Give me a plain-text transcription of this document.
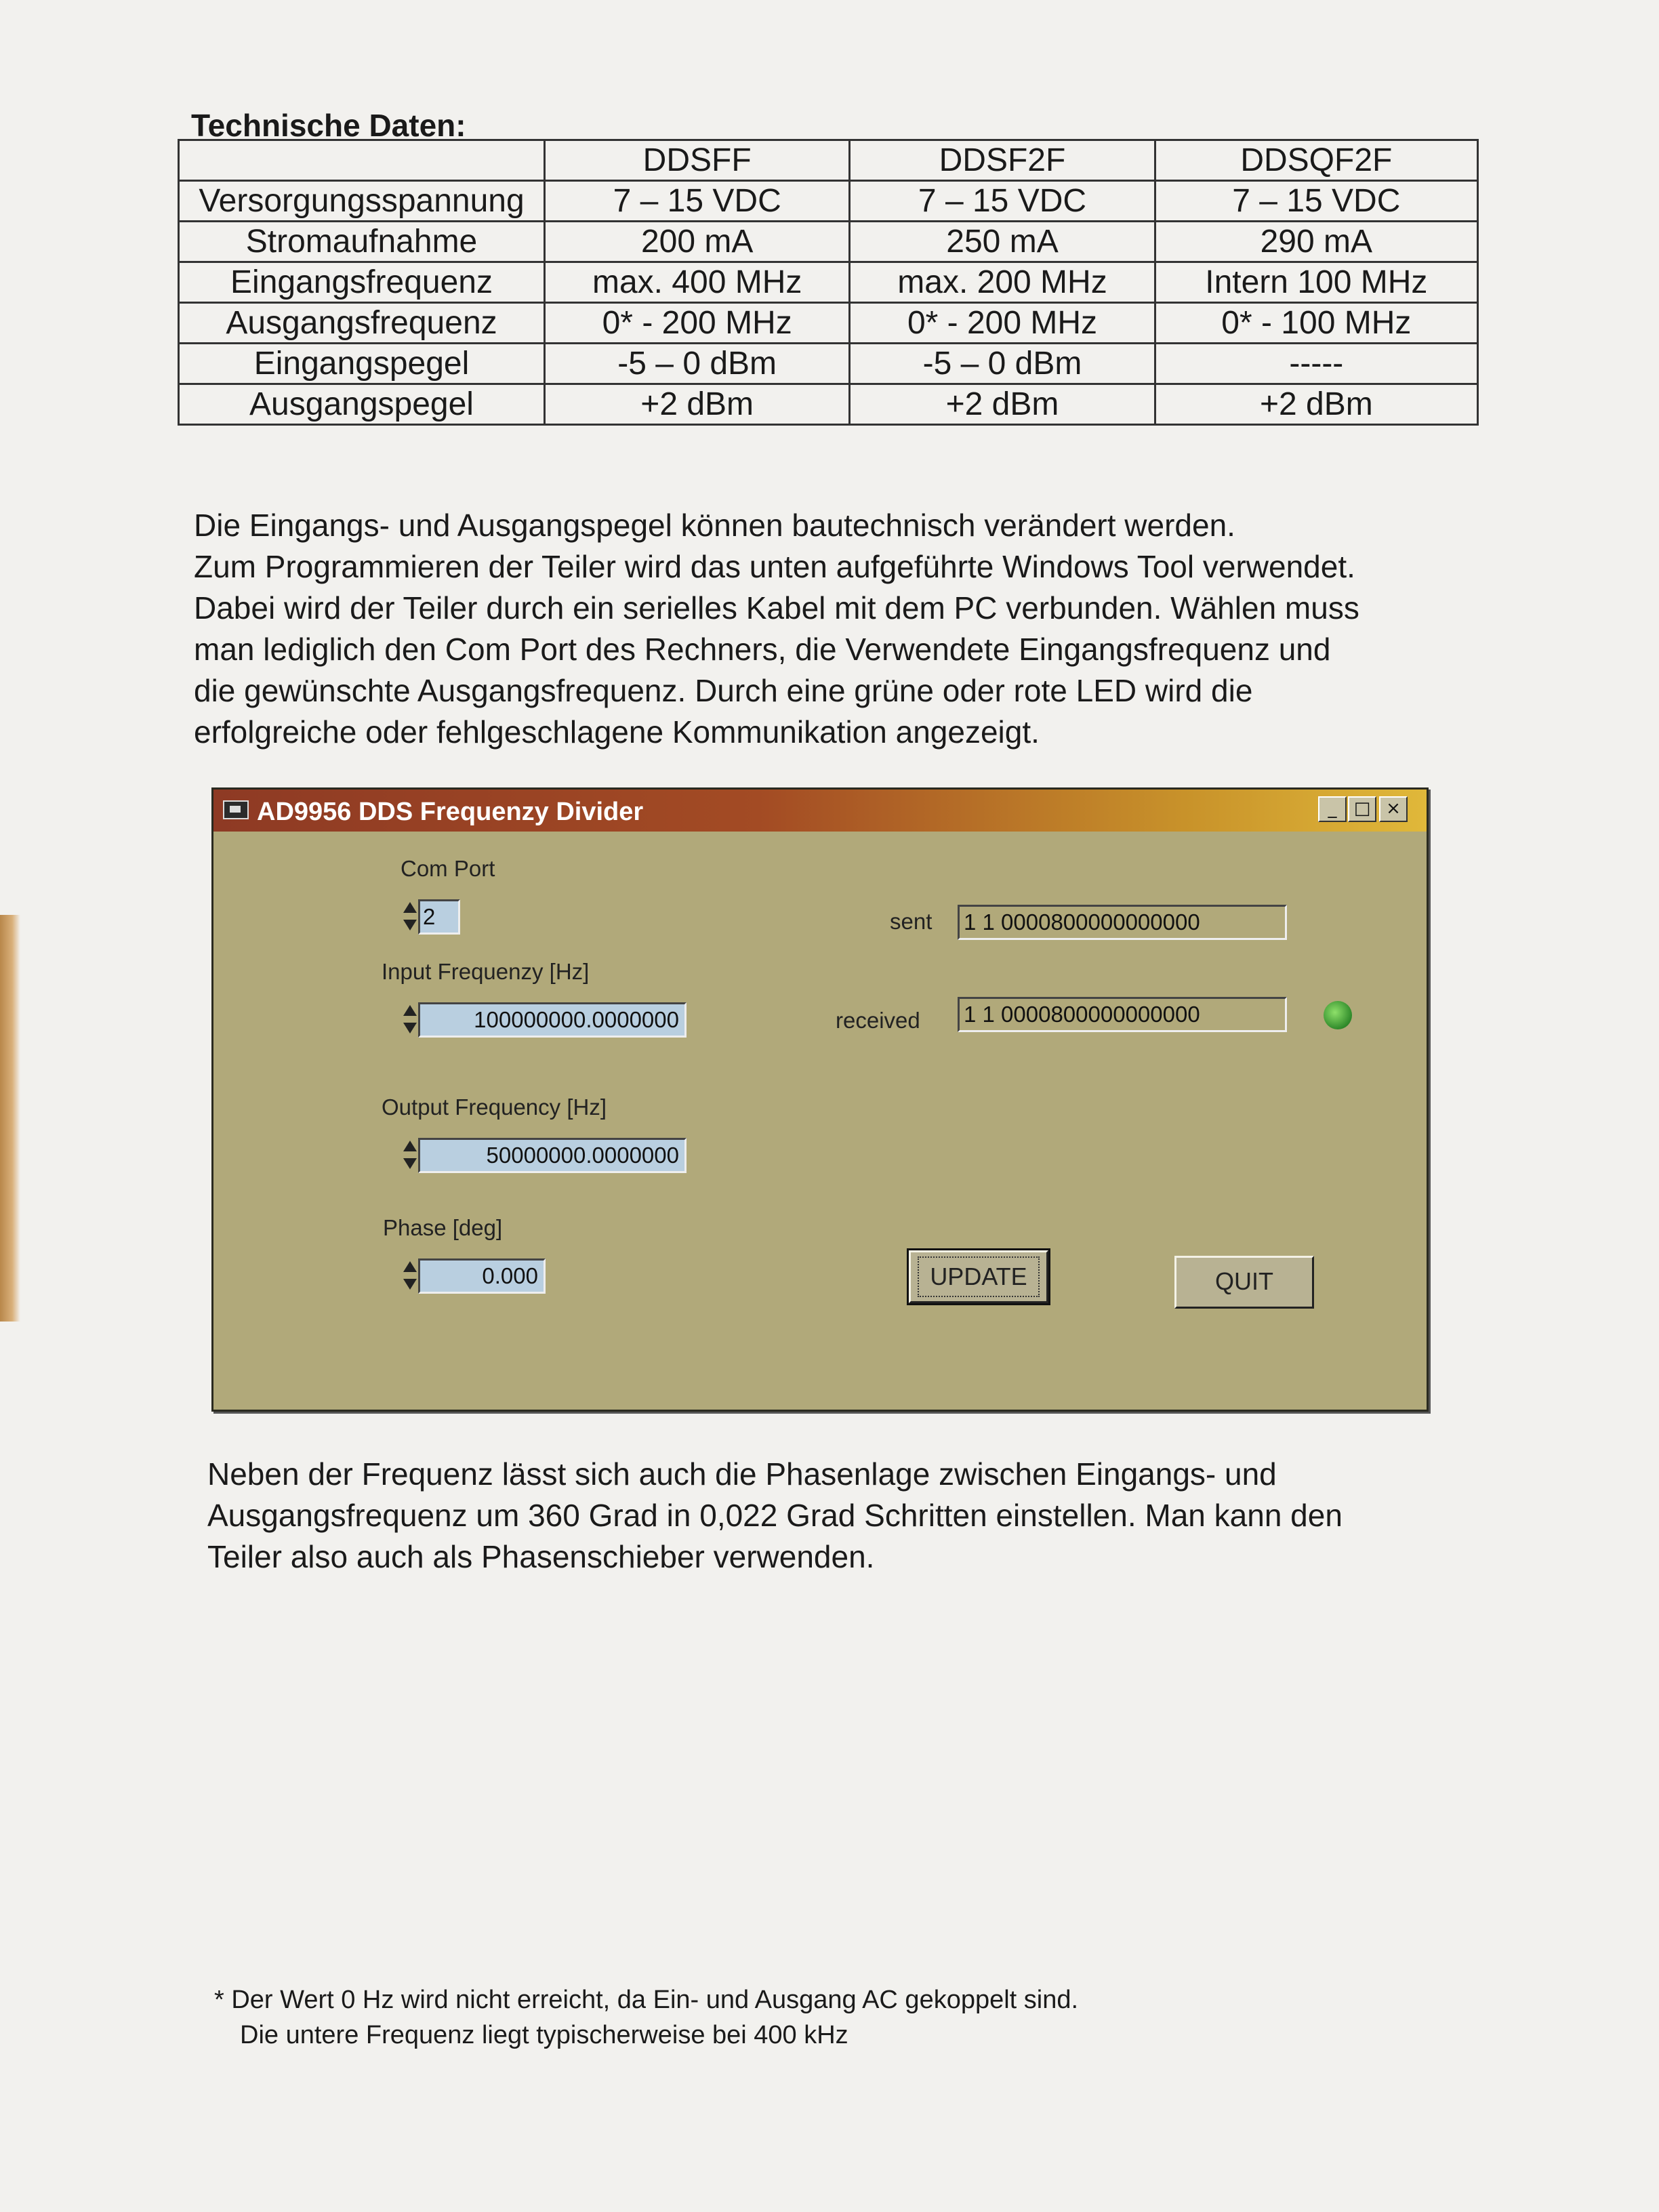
Technische Daten:
	DDSFF	DDSF2F	DDSQF2F
Versorgungsspannung	7 – 15 VDC	7 – 15 VDC	7 – 15 VDC
Stromaufnahme	200 mA	250 mA	290 mA
Eingangsfrequenz	max. 400 MHz	max. 200 MHz	Intern 100 MHz
Ausgangsfrequenz	0* - 200 MHz	0* - 200 MHz	0* - 100 MHz
Eingangspegel	-5 – 0 dBm	-5 – 0 dBm	-----
Ausgangspegel	+2 dBm	+2 dBm	+2 dBm
Die Eingangs- und Ausgangspegel können bautechnisch verändert werden.
Zum Programmieren der Teiler wird das unten aufgeführte Windows Tool verwendet.
Dabei wird der Teiler durch ein serielles Kabel mit dem PC verbunden. Wählen muss
man lediglich den Com Port des Rechners, die Verwendete Eingangsfrequenz und
die gewünschte Ausgangsfrequenz. Durch eine grüne oder rote LED wird die
erfolgreiche oder fehlgeschlagene Kommunikation angezeigt.
AD9956 DDS Frequenzy Divider	_ □ ×
Com Port
2
Input Frequenzy [Hz]
100000000.0000000
Output Frequency [Hz]
50000000.0000000
Phase [deg]
0.000
sent 1 1 0000800000000000
received 1 1 0000800000000000
UPDATE	QUIT
Neben der Frequenz lässt sich auch die Phasenlage zwischen Eingangs- und
Ausgangsfrequenz um 360 Grad in 0,022 Grad Schritten einstellen. Man kann den
Teiler also auch als Phasenschieber verwenden.
* Der Wert 0 Hz wird nicht erreicht, da Ein- und Ausgang AC gekoppelt sind.
Die untere Frequenz liegt typischerweise bei 400 kHz
